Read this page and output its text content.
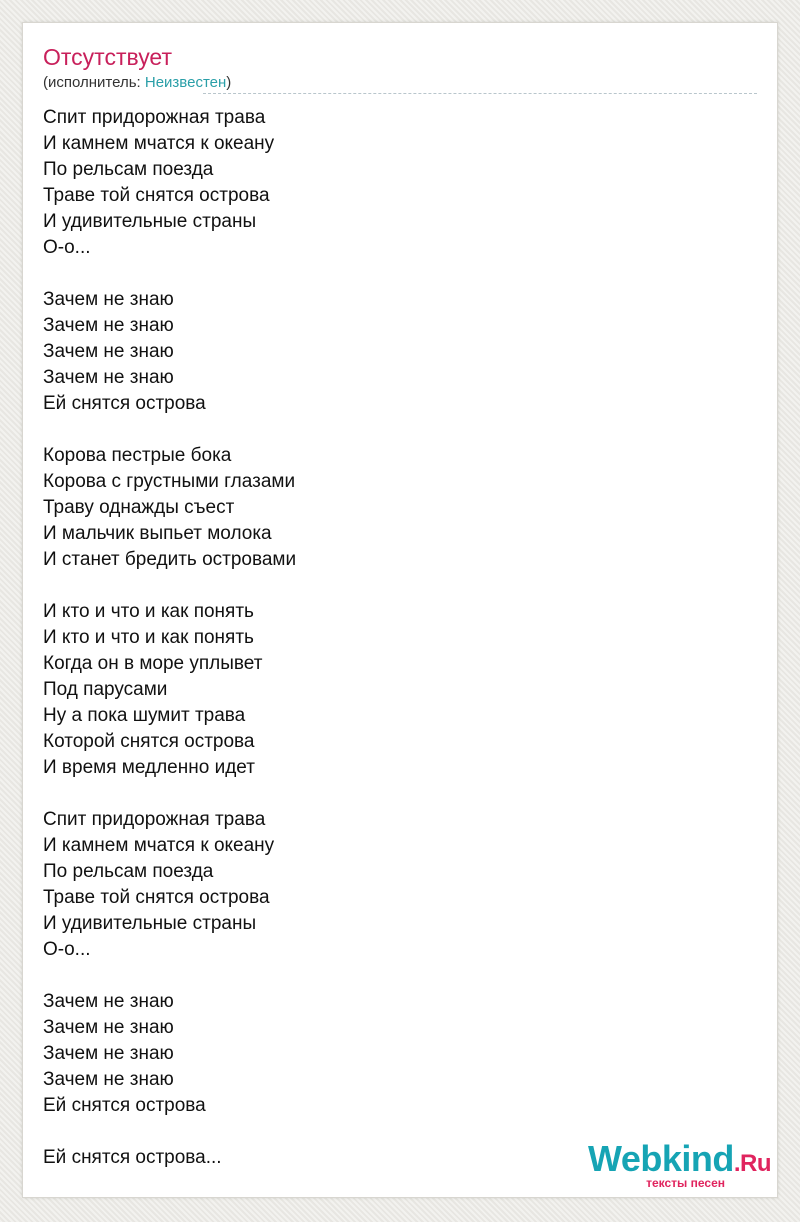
Отсутствует
(исполнитель: Неизвестен)
Спит придорожная трава
И камнем мчатся к океану
По рельсам поезда
Траве той снятся острова
И удивительные страны
О-о...
Зачем не знаю
Зачем не знаю
Зачем не знаю
Зачем не знаю
Ей снятся острова
Корова пестрые бока
Корова с грустными глазами
Траву однажды съест
И мальчик выпьет молока
И станет бредить островами
И кто и что и как понять
И кто и что и как понять
Когда он в море уплывет
Под парусами
Ну а пока шумит трава
Которой снятся острова
И время медленно идет
Спит придорожная трава
И камнем мчатся к океану
По рельсам поезда
Траве той снятся острова
И удивительные страны
О-о...
Зачем не знаю
Зачем не знаю
Зачем не знаю
Зачем не знаю
Ей снятся острова
Ей снятся острова...	Webkind.Ru
тексты песен
